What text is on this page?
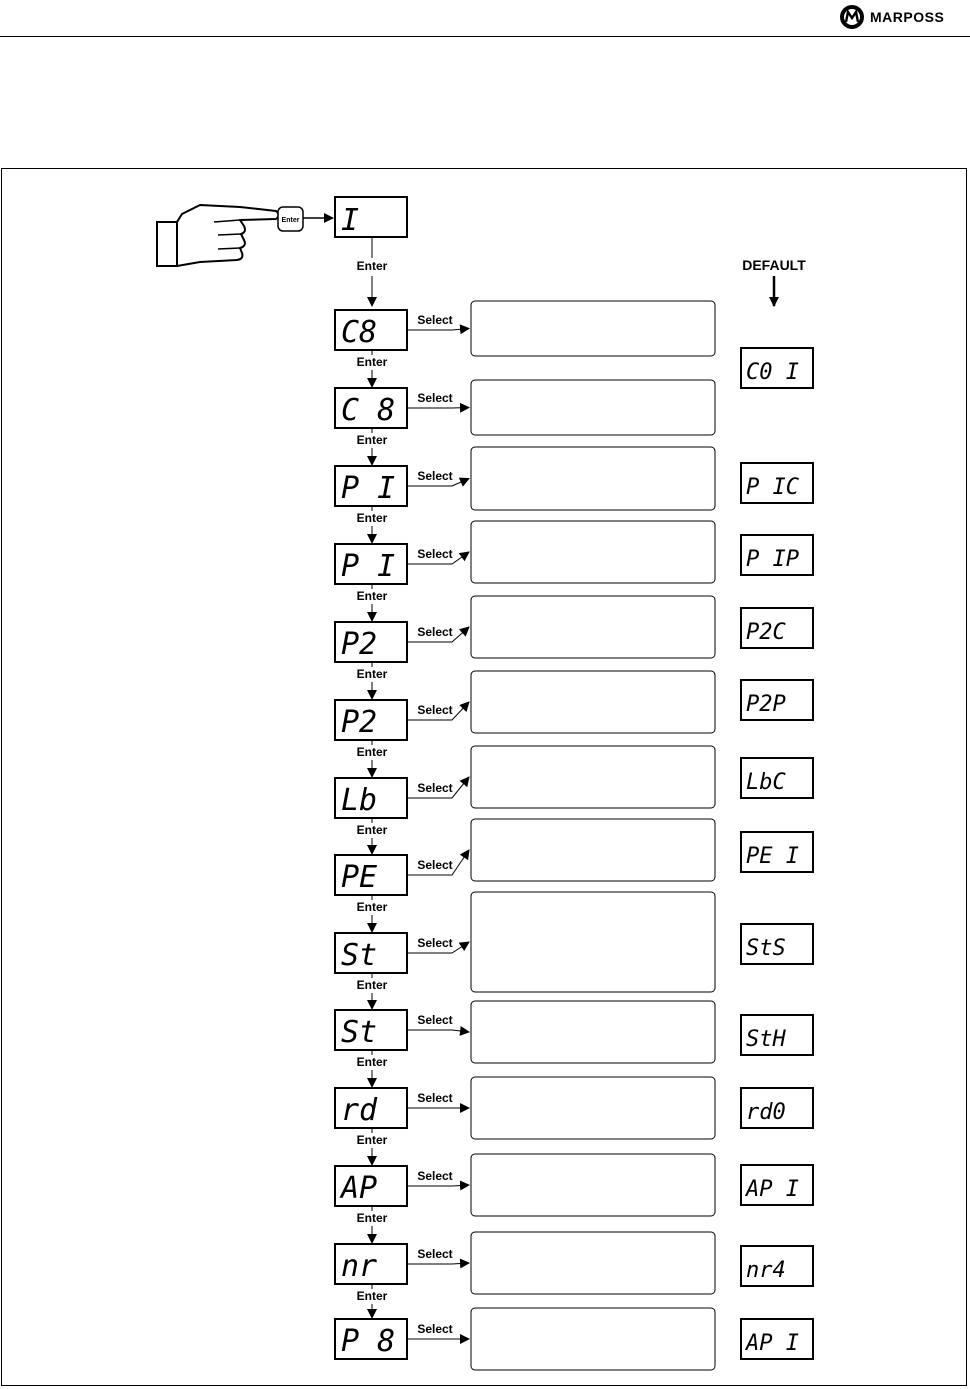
MARPOSS
Enter I
Enter	DEFAULT
C8	Select
C0 I
Enter
C 8 Select
Enter
P I Select	P IC
Enter
P I Select	P IP
Enter
P2	Select	P2C
Enter
P2	Select	P2P
Enter
Lb	Select	LbC
Enter
PE	Select	PE I
Enter
St	Select	StS
Enter
St	Select
StH
Enter
rd	Select
rd0
Enter
AP	Select
AP I
Enter
nr	Select
nr4
Enter
P 8 Select
AP I
